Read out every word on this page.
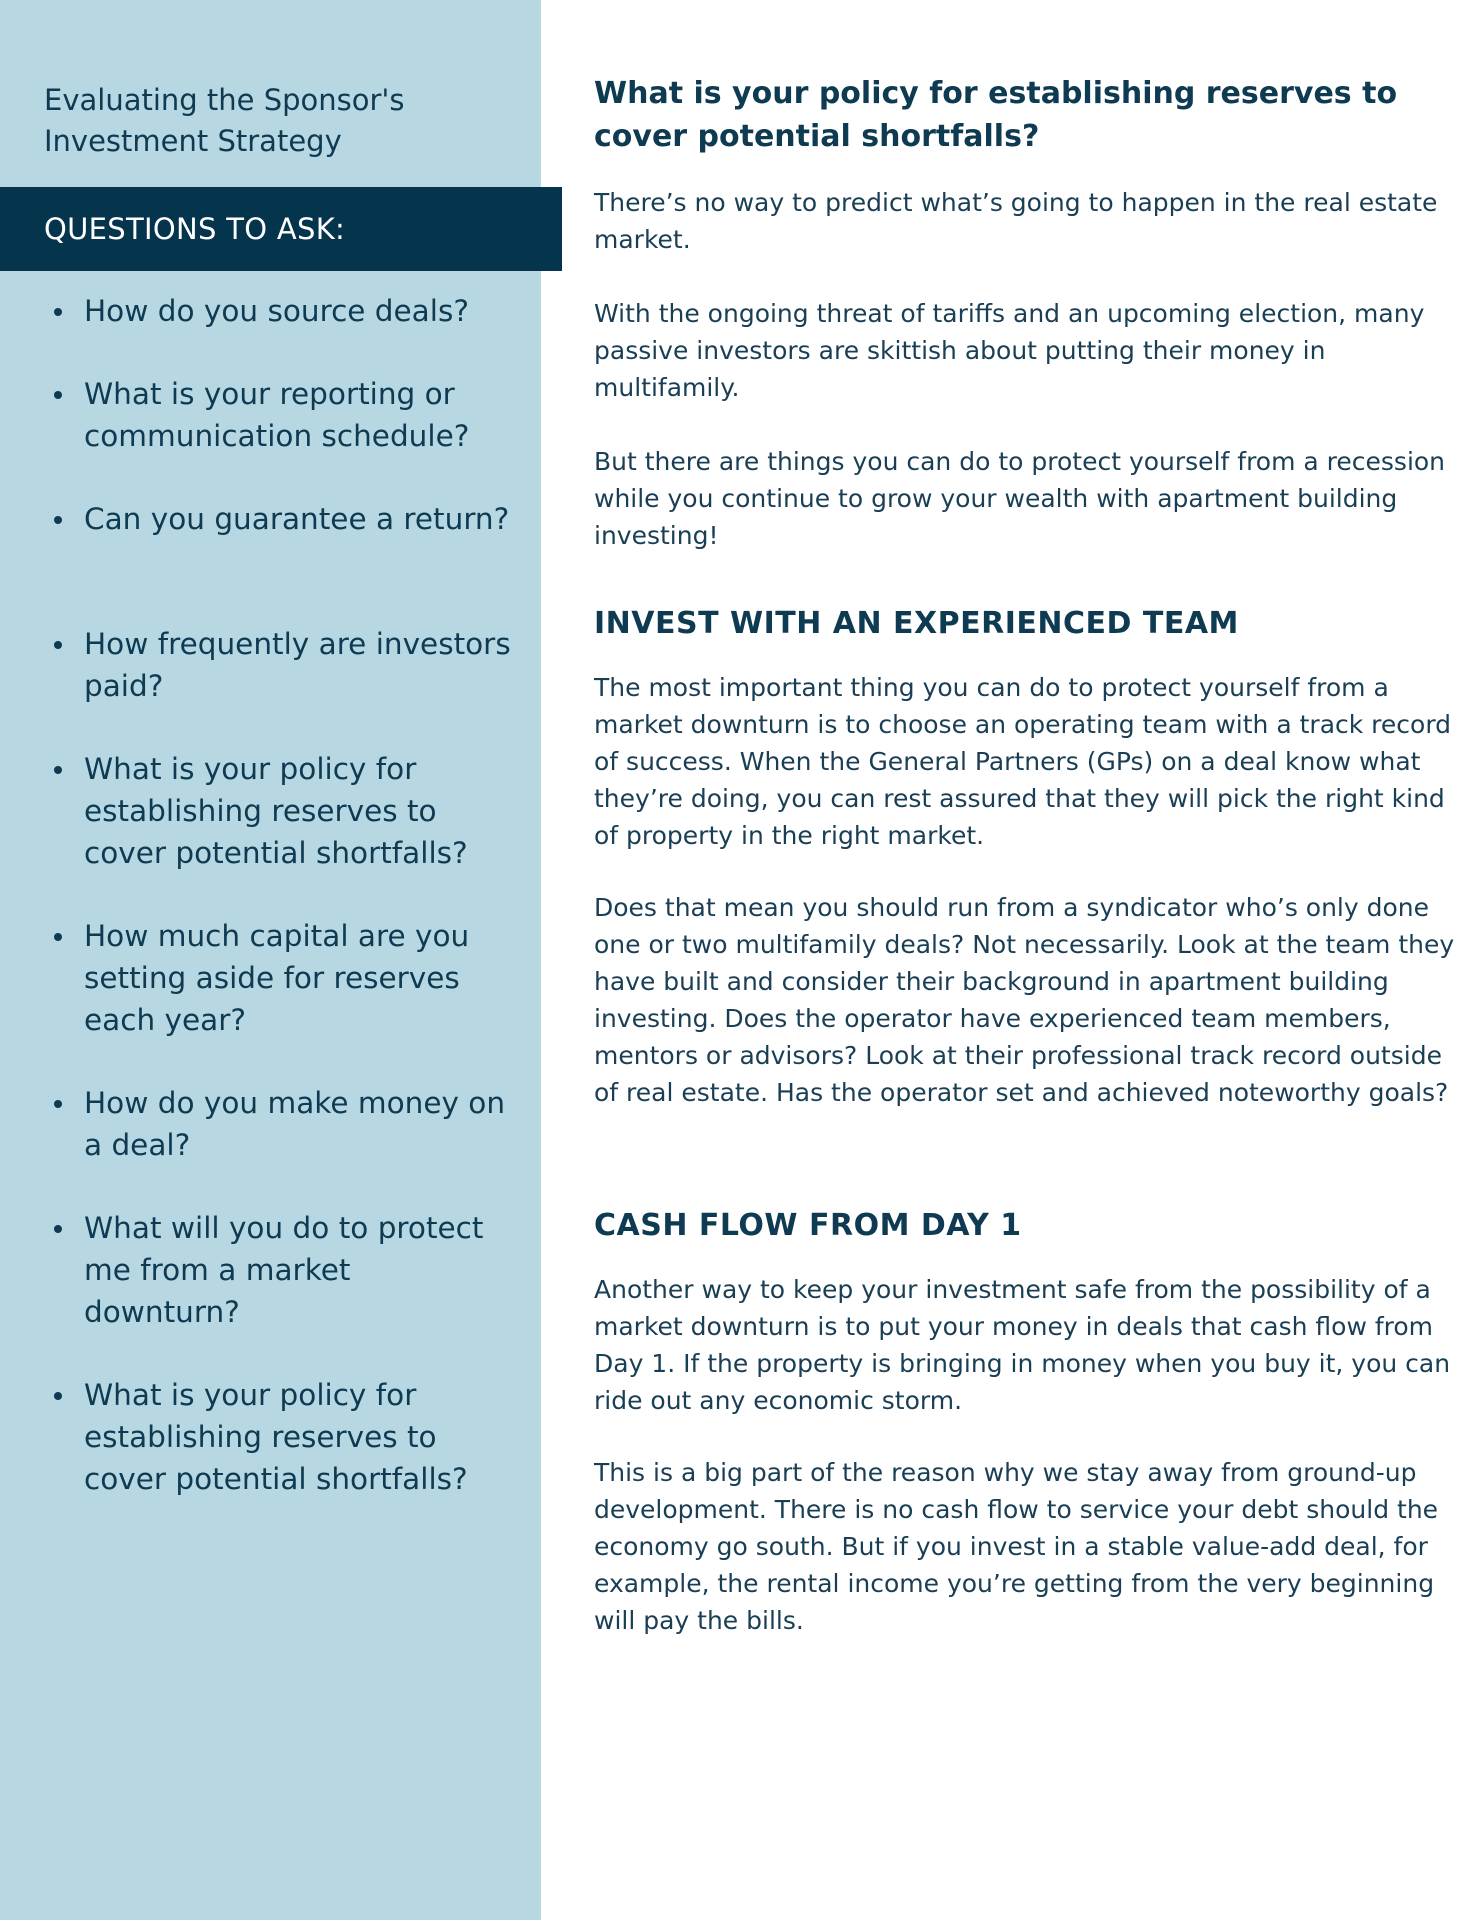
Evaluating the Sponsor's Investment Strategy
How do you source deals?
What is your reporting or communication schedule?
Can you guarantee a return?
How frequently are investors paid?
What is your policy for establishing reserves to cover potential shortfalls?
How much capital are you setting aside for reserves each year?
How do you make money on a deal?
What will you do to protect me from a market downturn?
What is your policy for establishing reserves to cover potential shortfalls?
QUESTIONS TO ASK:
What is your policy for establishing reserves to cover potential shortfalls?

There’s no way to predict what’s going to happen in the real estate market.

With the ongoing threat of tariffs and an upcoming election, many passive investors are skittish about putting their money in multifamily.

But there are things you can do to protect yourself from a recession while you continue to grow your wealth with apartment building investing!

INVEST WITH AN EXPERIENCED TEAM

The most important thing you can do to protect yourself from a market downturn is to choose an operating team with a track record of success. When the General Partners (GPs) on a deal know what they’re doing, you can rest assured that they will pick the right kind of property in the right market.

Does that mean you should run from a syndicator who’s only done one or two multifamily deals? Not necessarily. Look at the team they have built and consider their background in apartment building investing. Does the operator have experienced team members, mentors or advisors? Look at their professional track record outside of real estate. Has the operator set and achieved noteworthy goals?

CASH FLOW FROM DAY 1

Another way to keep your investment safe from the possibility of a market downturn is to put your money in deals that cash flow from Day 1. If the property is bringing in money when you buy it, you can ride out any economic storm.

This is a big part of the reason why we stay away from ground-up development. There is no cash flow to service your debt should the economy go south. But if you invest in a stable value-add deal, for example, the rental income you’re getting from the very beginning will pay the bills.
